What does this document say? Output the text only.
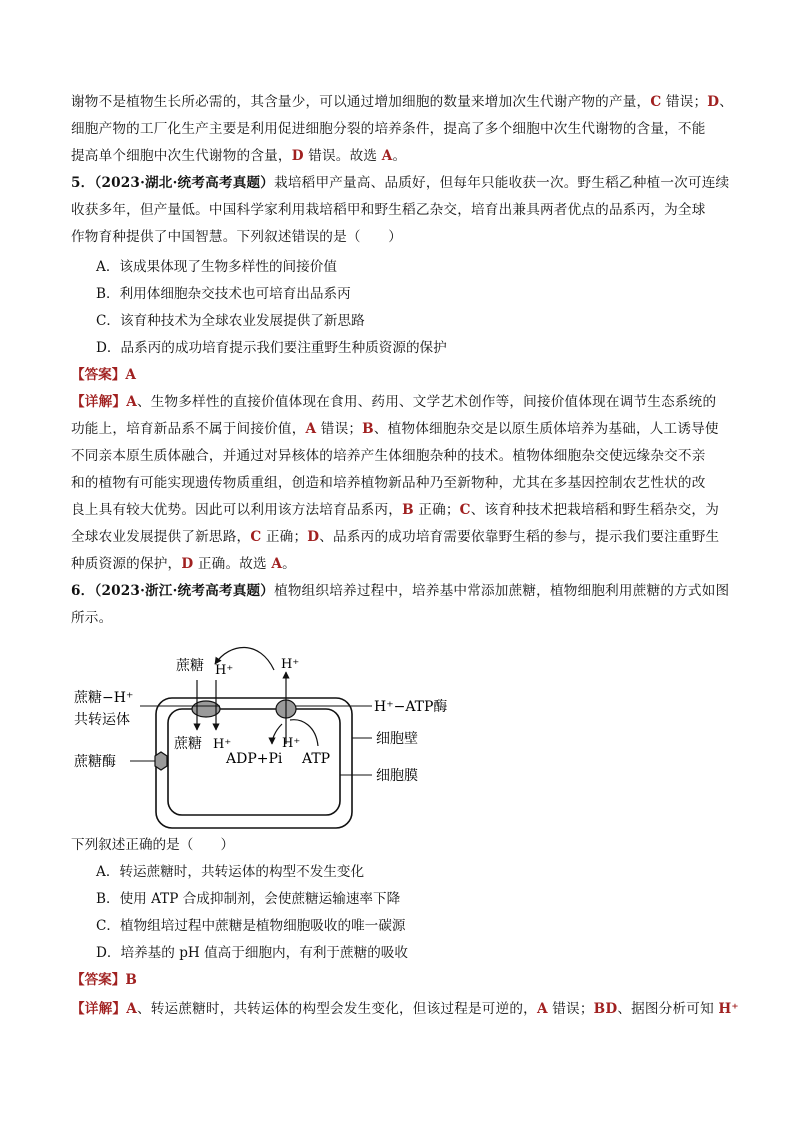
谢物不是植物生长所必需的，其含量少，可以通过增加细胞的数量来增加次生代谢产物的产量，C 错误；D、
细胞产物的工厂化生产主要是利用促进细胞分裂的培养条件，提高了多个细胞中次生代谢物的含量，不能
提高单个细胞中次生代谢物的含量，D 错误。故选 A。
5．（2023·湖北·统考高考真题）栽培稻甲产量高、品质好，但每年只能收获一次。野生稻乙种植一次可连续
收获多年，但产量低。中国科学家利用栽培稻甲和野生稻乙杂交，培育出兼具两者优点的品系丙，为全球
作物育种提供了中国智慧。下列叙述错误的是（　　）
A．该成果体现了生物多样性的间接价值
B．利用体细胞杂交技术也可培育出品系丙
C．该育种技术为全球农业发展提供了新思路
D．品系丙的成功培育提示我们要注重野生种质资源的保护
【答案】A
【详解】A、生物多样性的直接价值体现在食用、药用、文学艺术创作等，间接价值体现在调节生态系统的
功能上，培育新品系不属于间接价值，A 错误；B、植物体细胞杂交是以原生质体培养为基础，人工诱导使
不同亲本原生质体融合，并通过对异核体的培养产生体细胞杂种的技术。植物体细胞杂交使远缘杂交不亲
和的植物有可能实现遗传物质重组，创造和培养植物新品种乃至新物种，尤其在多基因控制农艺性状的改
良上具有较大优势。因此可以利用该方法培育品系丙，B 正确；C、该育种技术把栽培稻和野生稻杂交，为
全球农业发展提供了新思路，C 正确；D、品系丙的成功培育需要依靠野生稻的参与，提示我们要注重野生
种质资源的保护，D 正确。故选 A。
6．（2023·浙江·统考高考真题）植物组织培养过程中，培养基中常添加蔗糖，植物细胞利用蔗糖的方式如图
所示。
蔗糖 H⁺	H⁺
蔗糖−H⁺
共转运体
H⁺−ATP酶
蔗糖 H⁺	H⁺
ADP+Pi ATP
细胞壁
蔗糖酶
细胞膜
下列叙述正确的是（　　）
A．转运蔗糖时，共转运体的构型不发生变化
B．使用 ATP 合成抑制剂，会使蔗糖运输速率下降
C．植物组培过程中蔗糖是植物细胞吸收的唯一碳源
D．培养基的 pH 值高于细胞内，有利于蔗糖的吸收
【答案】B
【详解】A、转运蔗糖时，共转运体的构型会发生变化，但该过程是可逆的，A 错误；BD、据图分析可知 H⁺
